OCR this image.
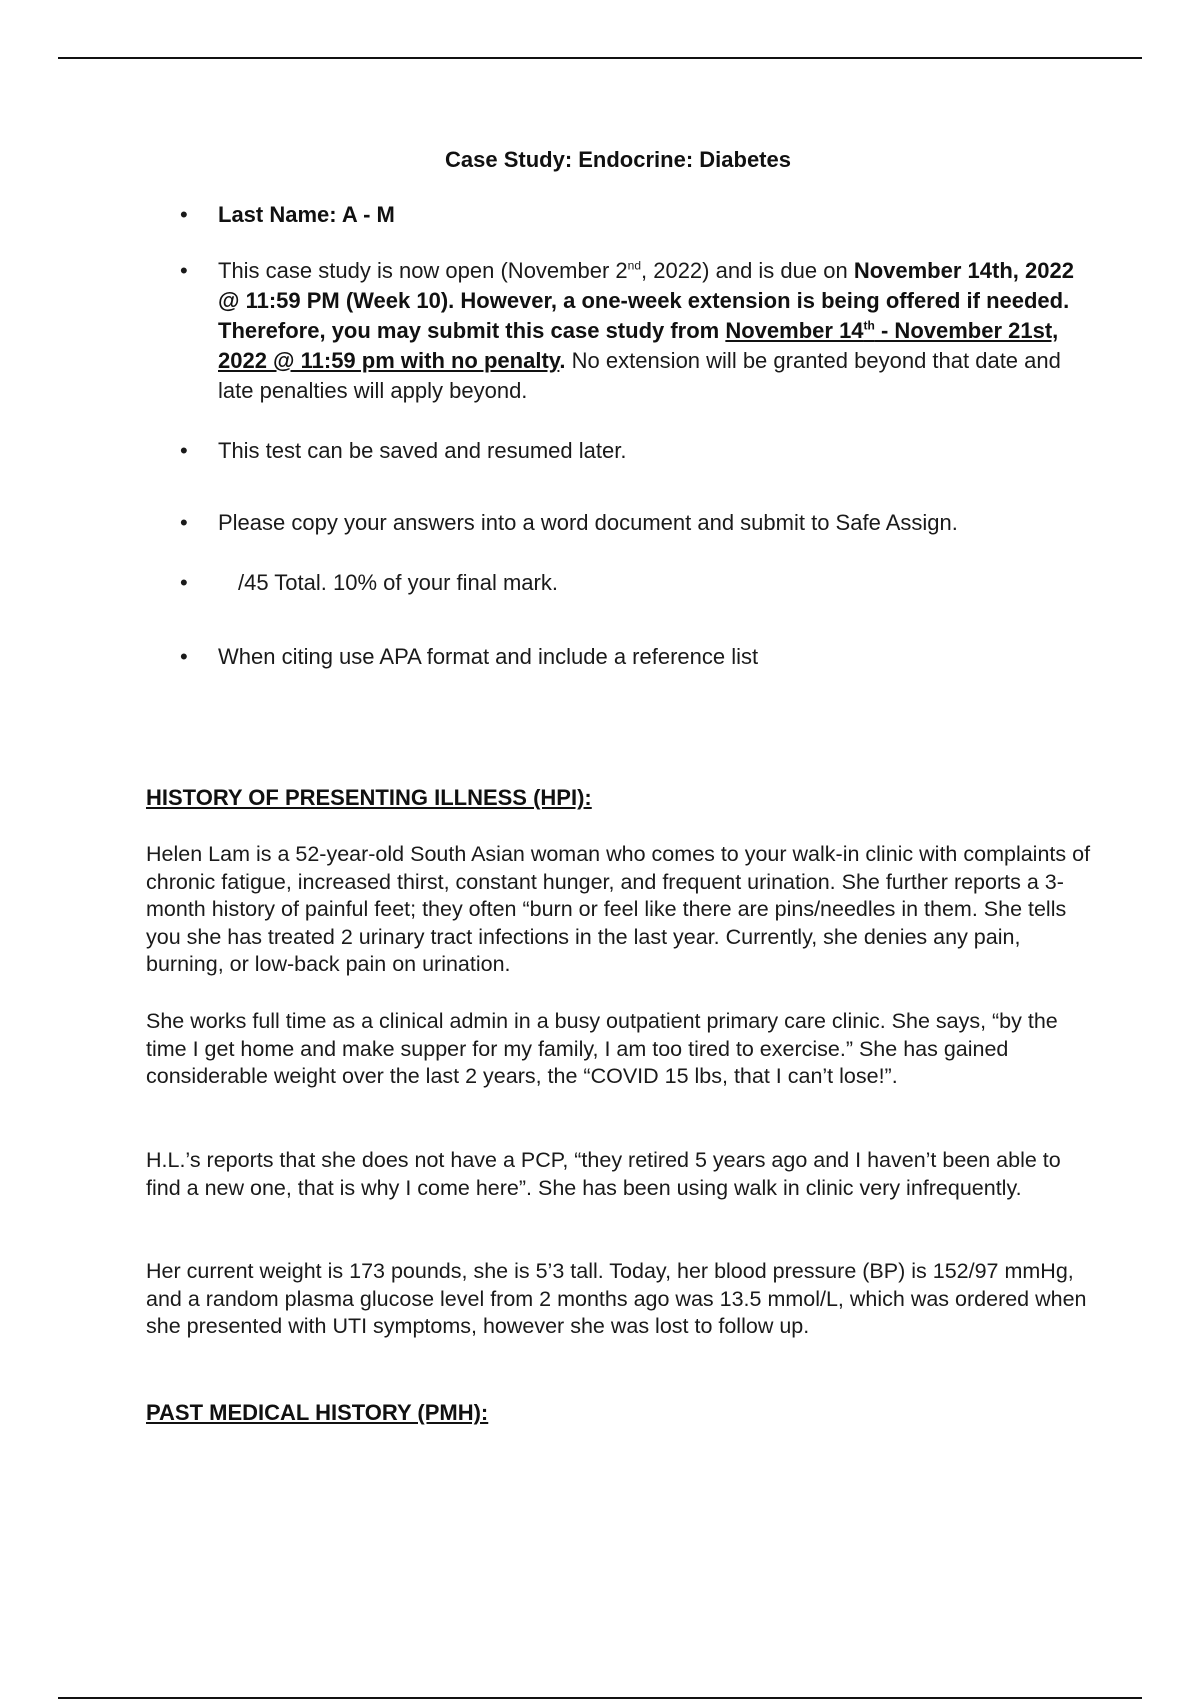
Case Study: Endocrine: Diabetes
• Last Name: A - M
• This case study is now open (November 2nd, 2022) and is due on November 14th, 2022 @ 11:59 PM (Week 10). However, a one-week extension is being offered if needed. Therefore, you may submit this case study from November 14th - November 21st, 2022 @ 11:59 pm with no penalty. No extension will be granted beyond that date and late penalties will apply beyond.
• This test can be saved and resumed later.
• Please copy your answers into a word document and submit to Safe Assign.
• /45 Total. 10% of your final mark.
• When citing use APA format and include a reference list
HISTORY OF PRESENTING ILLNESS (HPI):

Helen Lam is a 52-year-old South Asian woman who comes to your walk-in clinic with complaints of chronic fatigue, increased thirst, constant hunger, and frequent urination. She further reports a 3-month history of painful feet; they often “burn or feel like there are pins/needles in them. She tells you she has treated 2 urinary tract infections in the last year. Currently, she denies any pain, burning, or low-back pain on urination.

She works full time as a clinical admin in a busy outpatient primary care clinic. She says, “by the time I get home and make supper for my family, I am too tired to exercise.” She has gained considerable weight over the last 2 years, the “COVID 15 lbs, that I can’t lose!”.

H.L.’s reports that she does not have a PCP, “they retired 5 years ago and I haven’t been able to find a new one, that is why I come here”. She has been using walk in clinic very infrequently.

Her current weight is 173 pounds, she is 5’3 tall. Today, her blood pressure (BP) is 152/97 mmHg, and a random plasma glucose level from 2 months ago was 13.5 mmol/L, which was ordered when she presented with UTI symptoms, however she was lost to follow up.

PAST MEDICAL HISTORY (PMH):
